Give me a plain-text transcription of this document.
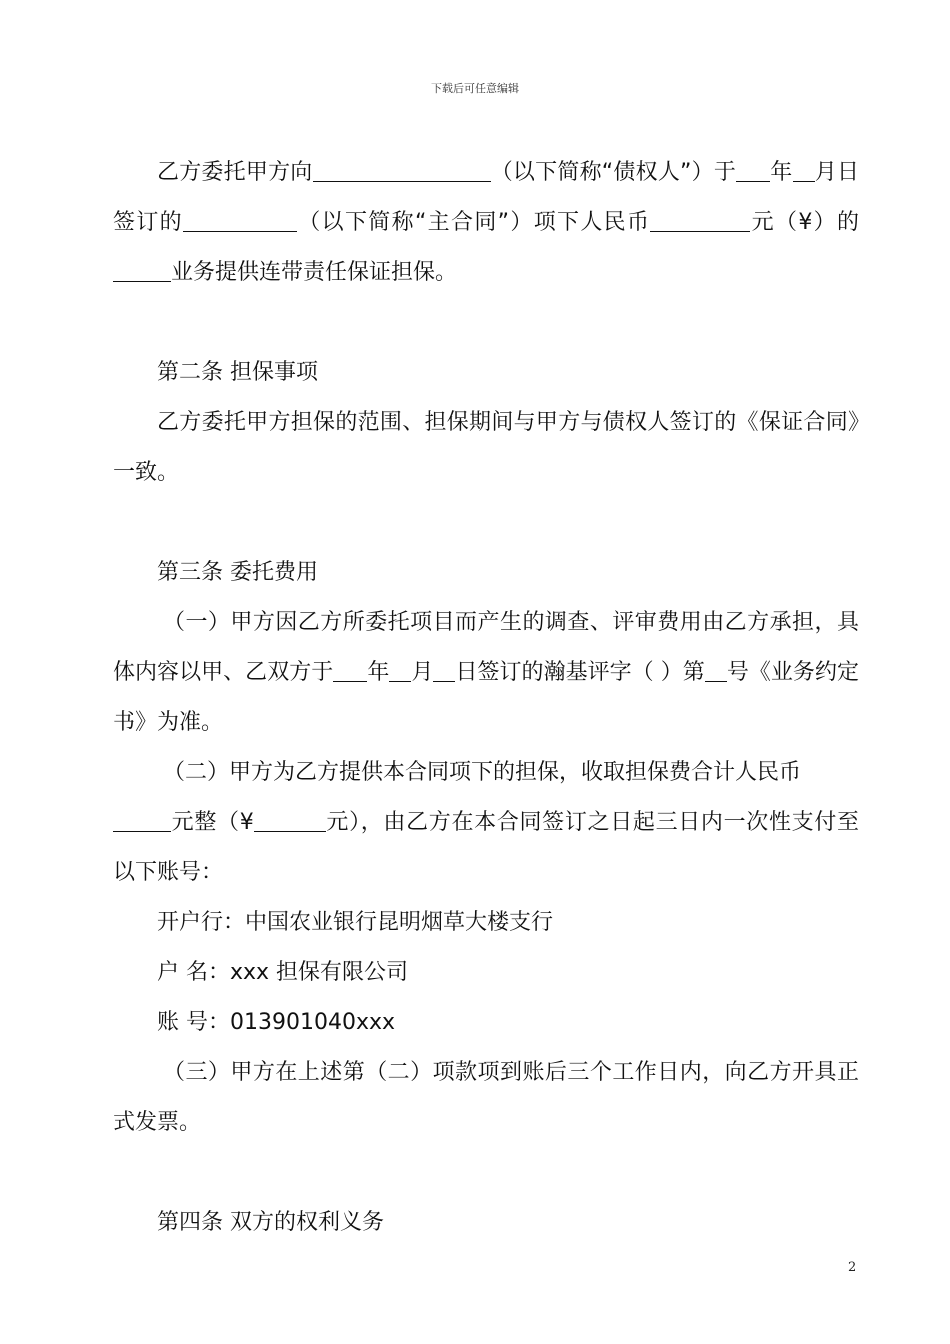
下载后可任意编辑

乙方委托甲方向	（以下简称“债权人”）于 年 月日签订的	（以下简称“主合同”）项下人民币	元（¥）的业务提供连带责任保证担保。

第二条 担保事项

乙方委托甲方担保的范围、担保期间与甲方与债权人签订的《保证合同》一致。

第三条 委托费用

（一）甲方因乙方所委托项目而产生的调查、评审费用由乙方承担，具体内容以甲、乙双方于 年 月 日签订的瀚基评字（ ）第 号《业务约定书》为准。

（二）甲方为乙方提供本合同项下的担保，收取担保费合计人民币
元整（¥	元），由乙方在本合同签订之日起三日内一次性支付至以下账号：

开户行：中国农业银行昆明烟草大楼支行

户 名：xxx 担保有限公司

账 号：013901040xxx

（三）甲方在上述第（二）项款项到账后三个工作日内，向乙方开具正式发票。

第四条 双方的权利义务

2
